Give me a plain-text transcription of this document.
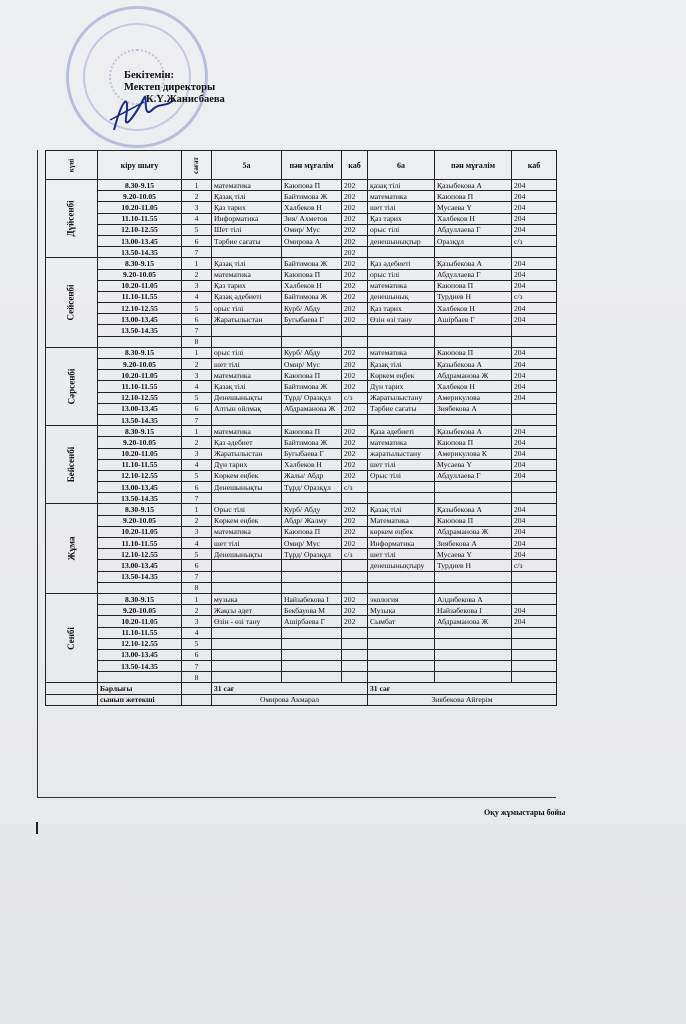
Бекітемін:
Мектеп директоры
К.Ү.Жанисбаева
күні	кіру шығу	сағат	5а	пән мұғалім	каб	6а	пән мұғалім	каб
Дүйсенбі	8.30-9.15	1	математика	Каюпова П	202	қазақ тілі	Қазыбекова А	204
	9.20-10.05	2	Қазақ тілі	Байтимова Ж	202	математика	Каюпова П	204
	10.20-11.05	3	Қаз тарих	Халбеков Н	202	шет тілі	Мусаева Ү	204
	11.10-11.55	4	Информатика	Зия/ Ахметов	202	Қаз тарих	Халбеков Н	204
	12.10-12.55	5	Шет тілі	Омир/ Мус	202	орыс тілі	Абдуллаева Г	204
	13.00-13.45	6	Тәрбие сағаты	Омирова А	202	денешынықтыр	Оразқұл	с/з
	13.50-14.35	7			202			
Сейсенбі	8.30-9.15	1	Қазақ тілі	Байтимова Ж	202	Қаз әдебиеті	Қазыбекова А	204
	9.20-10.05	2	математика	Каюпова П	202	орыс тілі	Абдуллаева Г	204
	10.20-11.05	3	Қаз тарих	Халбеков Н	202	математика	Каюпова П	204
	11.10-11.55	4	Қазақ әдебиеті	Байтимова Ж	202	денешынық	Турдиев Н	с/з
	12.10-12.55	5	орыс тілі	Курб/ Абду	202	Қаз тарих	Халбеков Н	204
	13.00-13.45	6	Жаратылыстан	Бугыбаева Г	202	Өзін өзі тану	Ашірбаев Г	204
	13.50-14.35	7						
		8						
Сәрсенбі	8.30-9.15	1	орыс тілі	Курб/ Абду	202	математика	Каюпова П	204
	9.20-10.05	2	шет тілі	Омир/ Мус	202	Қазақ тілі	Қазыбекова А	204
	10.20-11.05	3	математика	Каюпова П	202	Көркем еңбек	Абдраманова Ж	204
	11.10-11.55	4	Қазақ тілі	Байтимова Ж	202	Дүн тарих	Халбеков Н	204
	12.10-12.55	5	Денешынықты	Тұрд/ Оразқұл	с/з	Жаратылыстану	Америкулова	204
	13.00-13.45	6	Алтын ойлмақ	Абдраманова Ж	202	Тәрбие сағаты	Зиябекова А	
	13.50-14.35	7						
Бейсенбі	8.30-9.15	1	математика	Каюпова П	202	Қаза әдебиеті	Қазыбекова А	204
	9.20-10.05	2	Қаз әдебиет	Байтимова Ж	202	математика	Каюпова П	204
	10.20-11.05	3	Жаратылыстан	Бугыбаева Г	202	жаратылыстану	Америкулова К	204
	11.10-11.55	4	Дүн тарих	Халбеков Н	202	шет тілі	Мусаева Ү	204
	12.10-12.55	5	Көркем еңбек	Жалы/ Абдр	202	Орыс тілі	Абдуллаева Г	204
	13.00-13.45	6	Денешынықты	Тұрд/ Оразқұл	с/з			
	13.50-14.35	7						
Жұма	8.30-9.15	1	Орыс тілі	Курб/ Абду	202	Қазақ тілі	Қазыбекова А	204
	9.20-10.05	2	Көркем еңбек	Абдр/ Жалму	202	Математика	Каюпова П	204
	10.20-11.05	3	математика	Каюпова П	202	көркем еңбек	Абдраманова Ж	204
	11.10-11.55	4	шет тілі	Омир/ Мус	202	Информатика	Зиябекова А	204
	12.10-12.55	5	Денешынықты	Тұрд/ Оразқұл	с/з	шет тілі	Мусаева Ү	204
	13.00-13.45	6				денешынықтыру	Турдиев Н	с/з
	13.50-14.35	7						
		8						
Сенбі	8.30-9.15	1	музыка	Найзабекова І	202	экология	Алдибекова А	
	9.20-10.05	2	Жақсы әдет	Бекбауова М	202	Музыка	Найзабекова І	204
	10.20-11.05	3	Өзін - өзі тану	Ашірбаева Г	202	Сымбат	Абдраманова Ж	204
	11.10-11.55	4						
	12.10-12.55	5						
	13.00-13.45	6						
	13.50-14.35	7						
		8						
	Барлығы		31 сағ			31 сағ		
	сынып жетекші		Омирова Акмарал			Зиябекова Айгерім		
Оқу жұмыстары бойы
